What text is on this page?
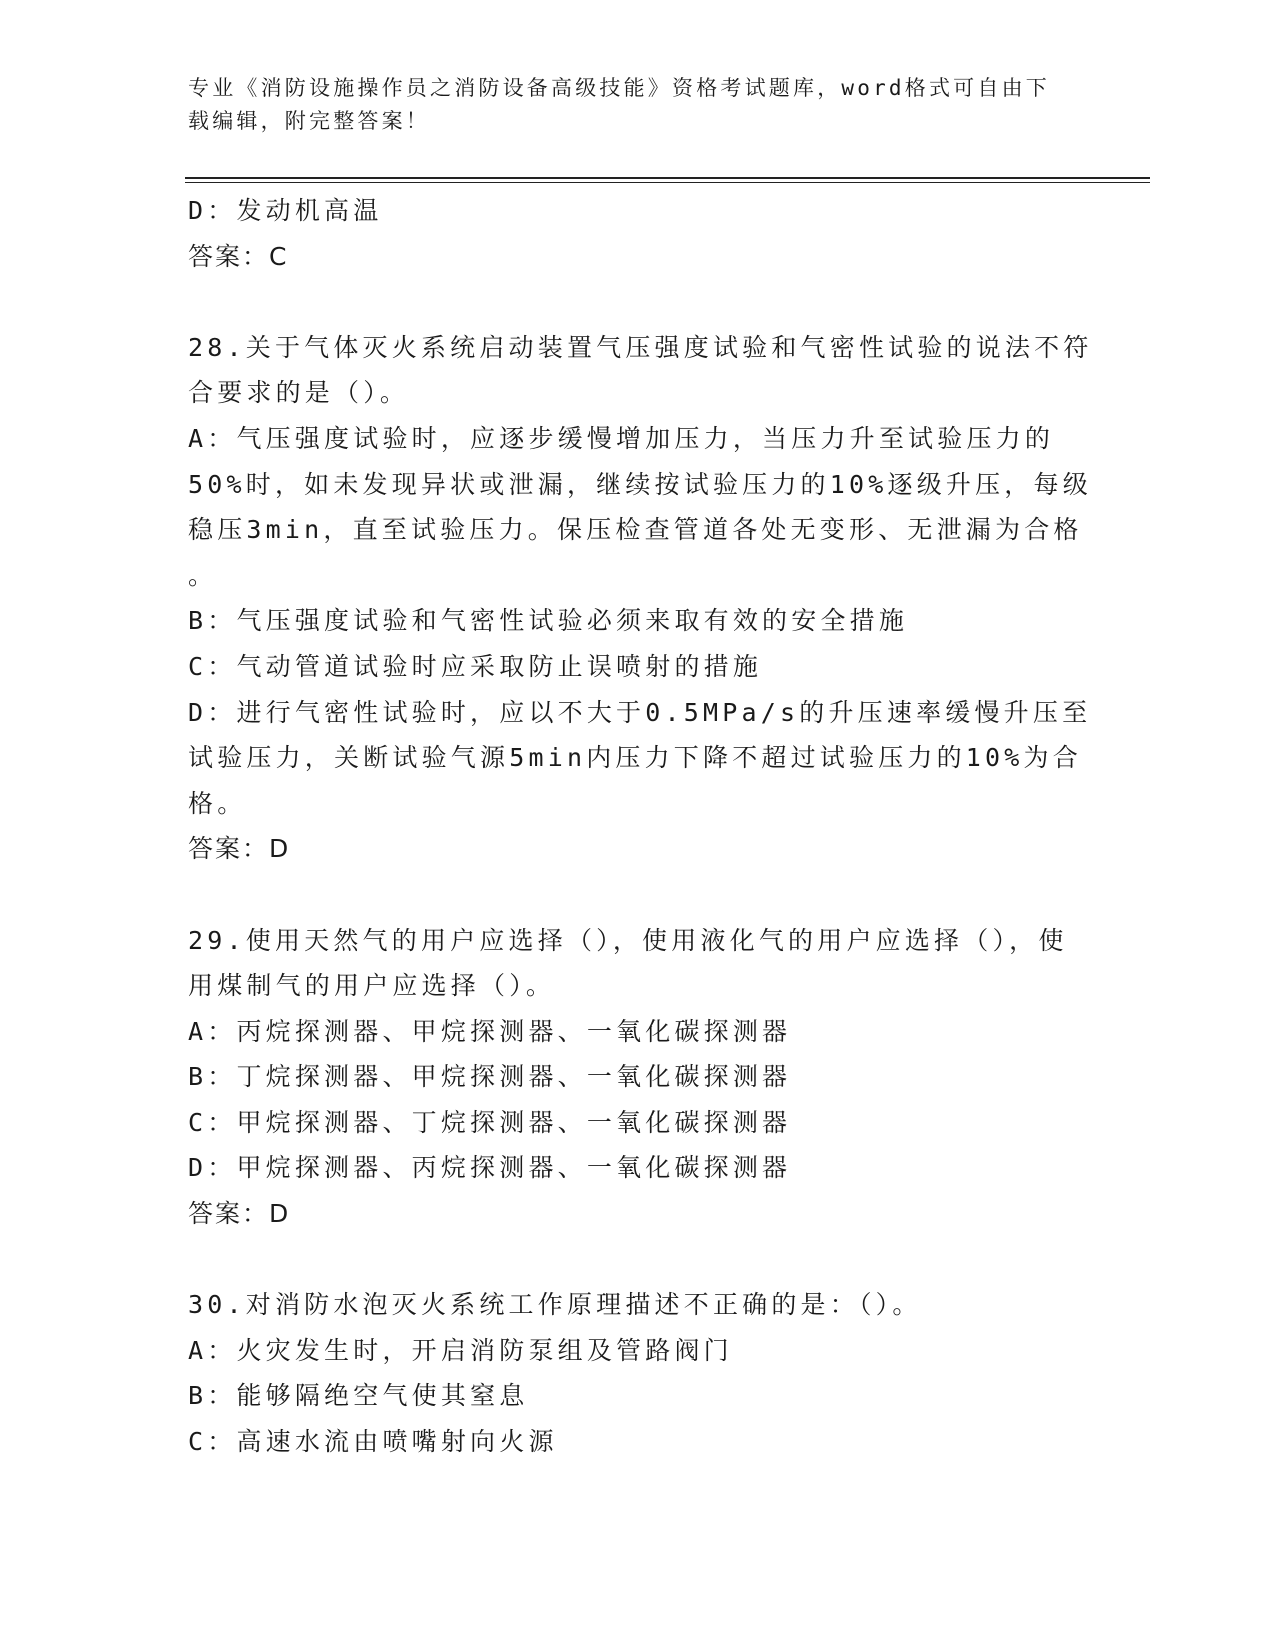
专业《消防设施操作员之消防设备高级技能》资格考试题库，word格式可自由下载编辑，附完整答案！
D：发动机高温
答案：C
28.关于气体灭火系统启动装置气压强度试验和气密性试验的说法不符
合要求的是（）。
A：气压强度试验时，应逐步缓慢增加压力，当压力升至试验压力的
50%时，如未发现异状或泄漏，继续按试验压力的10%逐级升压，每级
稳压3min，直至试验压力。保压检查管道各处无变形、无泄漏为合格
。
B：气压强度试验和气密性试验必须来取有效的安全措施
C：气动管道试验时应采取防止误喷射的措施
D：进行气密性试验时，应以不大于0.5MPa/s的升压速率缓慢升压至
试验压力，关断试验气源5min内压力下降不超过试验压力的10%为合
格。
答案：D
29.使用天然气的用户应选择（），使用液化气的用户应选择（），使
用煤制气的用户应选择（）。
A：丙烷探测器、甲烷探测器、一氧化碳探测器
B：丁烷探测器、甲烷探测器、一氧化碳探测器
C：甲烷探测器、丁烷探测器、一氧化碳探测器
D：甲烷探测器、丙烷探测器、一氧化碳探测器
答案：D
30.对消防水泡灭火系统工作原理描述不正确的是：（）。
A：火灾发生时，开启消防泵组及管路阀门
B：能够隔绝空气使其窒息
C：高速水流由喷嘴射向火源
